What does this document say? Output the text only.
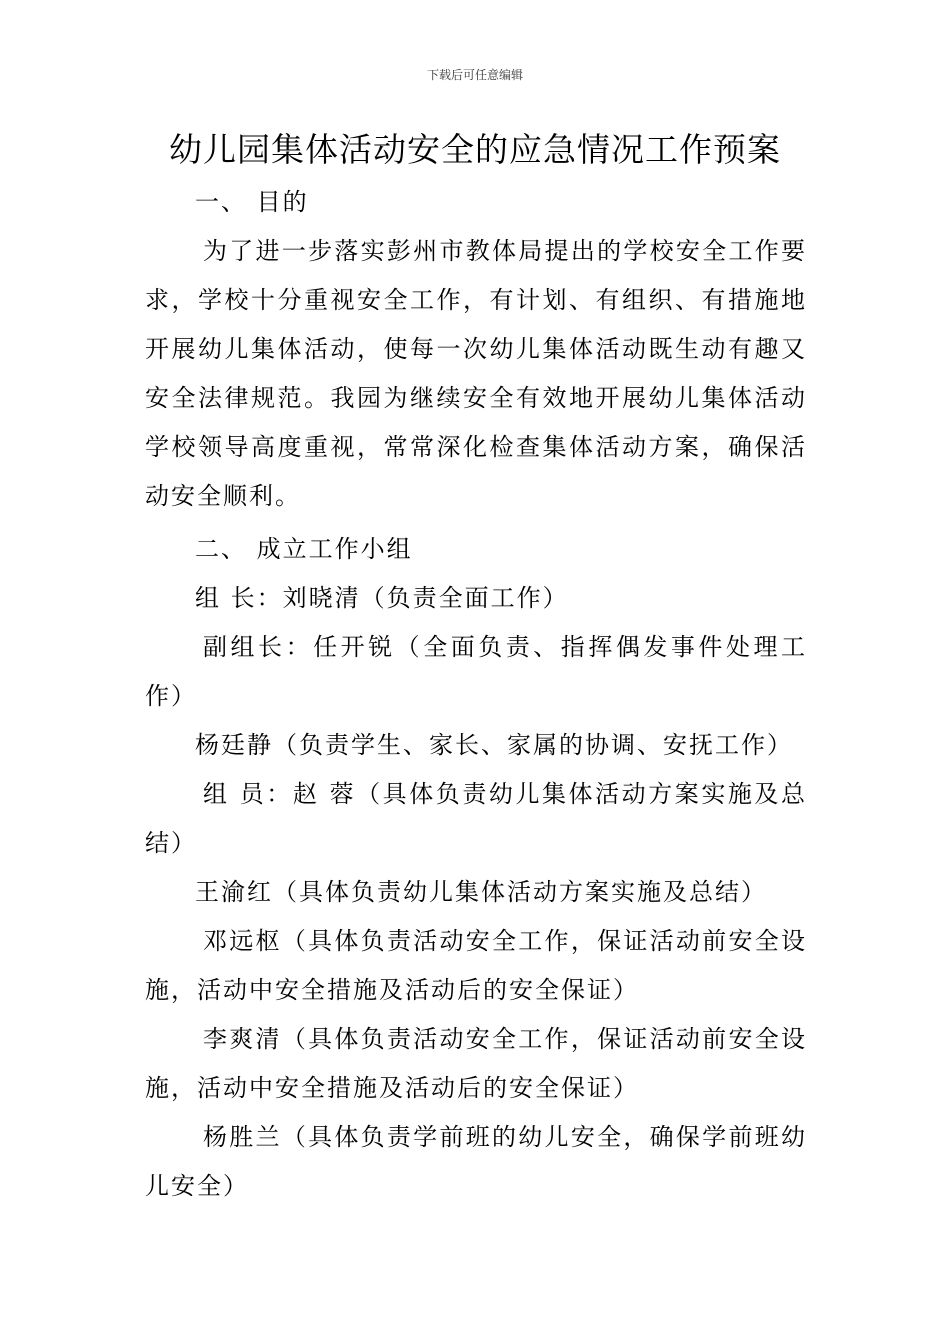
下载后可任意编辑
幼儿园集体活动安全的应急情况工作预案

一、 目的

为了进一步落实彭州市教体局提出的学校安全工作要求，学校十分重视安全工作，有计划、有组织、有措施地开展幼儿集体活动，使每一次幼儿集体活动既生动有趣又安全法律规范。我园为继续安全有效地开展幼儿集体活动学校领导高度重视，常常深化检查集体活动方案，确保活动安全顺利。

二、 成立工作小组

组 长：刘晓清（负责全面工作）

副组长：任开锐（全面负责、指挥偶发事件处理工作）

杨廷静（负责学生、家长、家属的协调、安抚工作）

组 员：赵 蓉（具体负责幼儿集体活动方案实施及总结）

王渝红（具体负责幼儿集体活动方案实施及总结）

邓远枢（具体负责活动安全工作，保证活动前安全设施，活动中安全措施及活动后的安全保证）

李爽清（具体负责活动安全工作，保证活动前安全设施，活动中安全措施及活动后的安全保证）

杨胜兰（具体负责学前班的幼儿安全，确保学前班幼儿安全）
